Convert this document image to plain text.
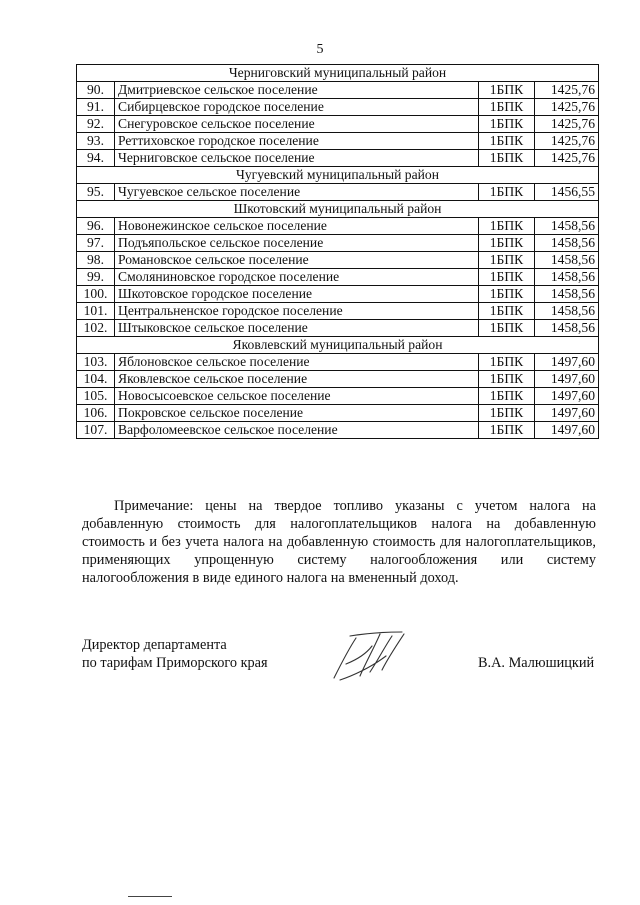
5
Черниговский муниципальный район			
90.	Дмитриевское сельское поселение	1БПК	1425,76
91.	Сибирцевское городское поселение	1БПК	1425,76
92.	Снегуровское сельское поселение	1БПК	1425,76
93.	Реттиховское городское поселение	1БПК	1425,76
94.	Черниговское сельское поселение	1БПК	1425,76
Чугуевский муниципальный район			
95.	Чугуевское сельское поселение	1БПК	1456,55
Шкотовский муниципальный район			
96.	Новонежинское сельское поселение	1БПК	1458,56
97.	Подъяпольское сельское поселение	1БПК	1458,56
98.	Романовское сельское поселение	1БПК	1458,56
99.	Смоляниновское городское поселение	1БПК	1458,56
100.	Шкотовское городское поселение	1БПК	1458,56
101.	Центральненское городское поселение	1БПК	1458,56
102.	Штыковское сельское поселение	1БПК	1458,56
Яковлевский муниципальный район			
103.	Яблоновское сельское поселение	1БПК	1497,60
104.	Яковлевское сельское поселение	1БПК	1497,60
105.	Новосысоевское сельское поселение	1БПК	1497,60
106.	Покровское сельское поселение	1БПК	1497,60
107.	Варфоломеевское сельское поселение	1БПК	1497,60
Примечание: цены на твердое топливо указаны с учетом налога на добавленную стоимость для налогоплательщиков налога на добавленную стоимость и без учета налога на добавленную стоимость для налогоплательщиков, применяющих упрощенную систему налогообложения или систему налогообложения в виде единого налога на вмененный доход.
Директор департамента
по тарифам Приморского края	В.А. Малюшицкий
